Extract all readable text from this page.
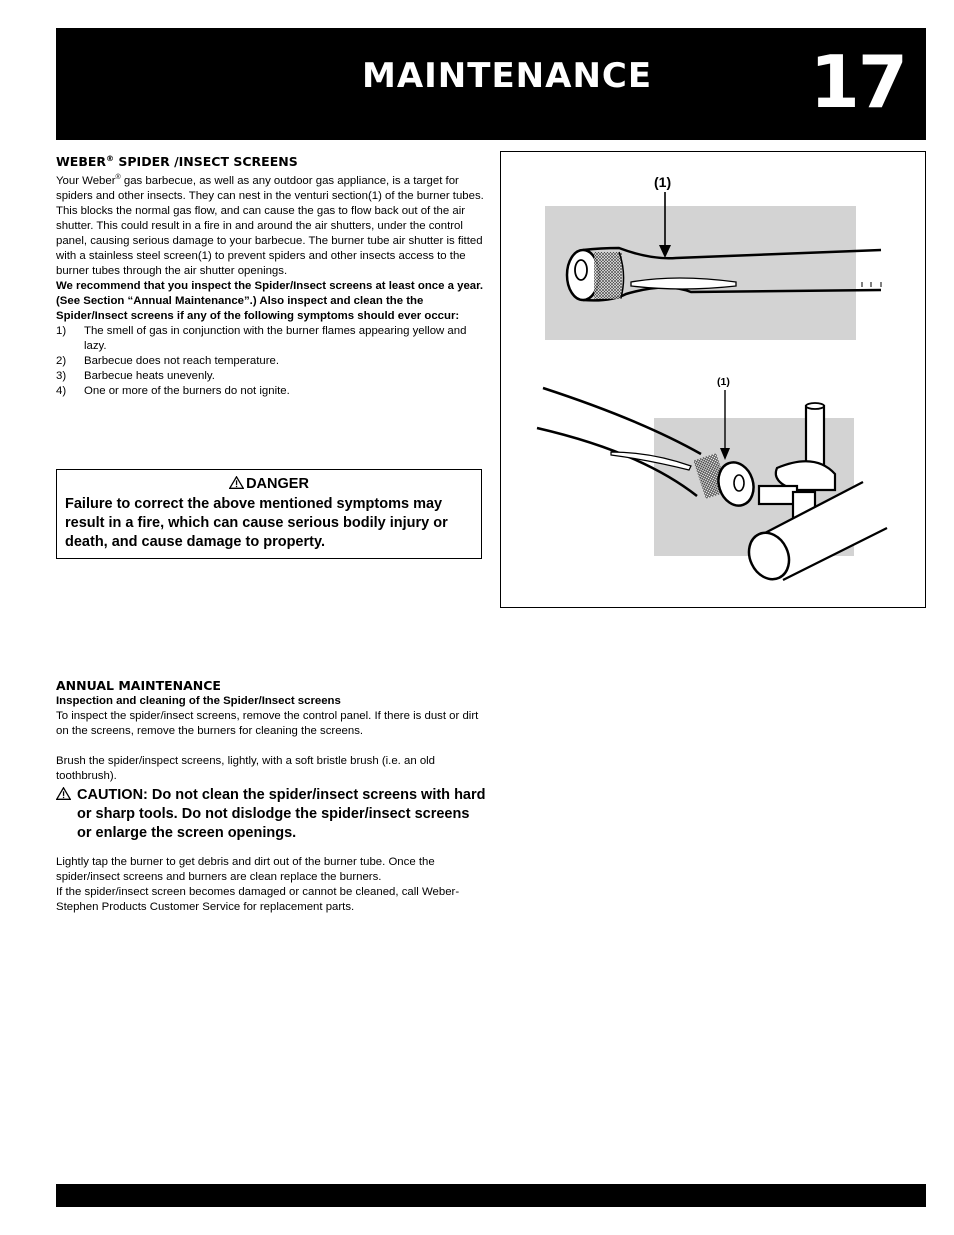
MAINTENANCE 17
WEBER® SPIDER /INSECT SCREENS

Your Weber® gas barbecue, as well as any outdoor gas appliance, is a target for spiders and other insects. They can nest in the venturi section(1) of the burner tubes. This blocks the normal gas flow, and can cause the gas to flow back out of the air shutter. This could result in a fire in and around the air shutters, under the control panel, causing serious damage to your barbecue. The burner tube air shutter is fitted with a stainless steel screen(1) to prevent spiders and other insects access to the burner tubes through the air shutter openings.

We recommend that you inspect the Spider/Insect screens at least once a year. (See Section “Annual Maintenance”.) Also inspect and clean the the Spider/Insect screens if any of the following symptoms should ever occur:

1) The smell of gas in conjunction with the burner flames appearing yellow and lazy.
2) Barbecue does not reach temperature.
3) Barbecue heats unevenly.
4) One or more of the burners do not ignite.
DANGER
Failure to correct the above mentioned symptoms may result in a fire, which can cause serious bodily injury or death, and cause damage to property.
(1)
(1)
ANNUAL MAINTENANCE

Inspection and cleaning of the Spider/Insect screens

To inspect the spider/insect screens, remove the control panel. If there is dust or dirt on the screens, remove the burners for cleaning the screens.

Brush the spider/inspect screens, lightly, with a soft bristle brush (i.e. an old toothbrush).

CAUTION: Do not clean the spider/insect screens with hard or sharp tools. Do not dislodge the spider/insect screens or enlarge the screen openings.

Lightly tap the burner to get debris and dirt out of the burner tube. Once the spider/insect screens and burners are clean replace the burners.

If the spider/insect screen becomes damaged or cannot be cleaned, call Weber-Stephen Products Customer Service for replacement parts.
